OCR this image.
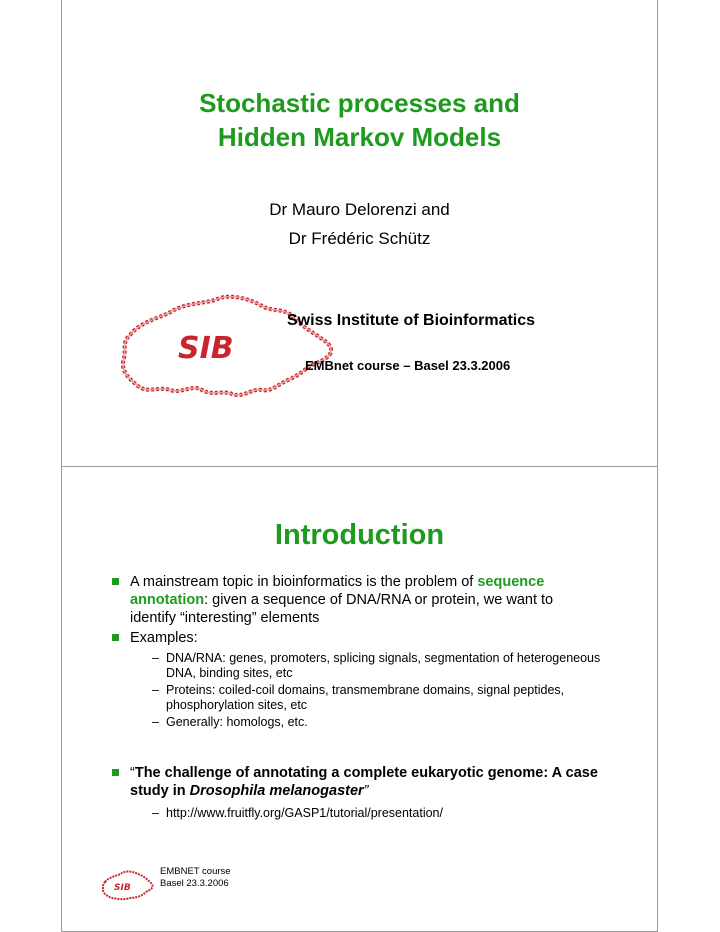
Stochastic processes and
Hidden Markov Models
Dr Mauro Delorenzi and
Dr Frédéric Schütz
SIB
Swiss Institute of Bioinformatics
EMBnet course – Basel 23.3.2006
Introduction
A mainstream topic in bioinformatics is the problem of sequence annotation: given a sequence of DNA/RNA or protein, we want to identify “interesting” elements
Examples:
– DNA/RNA: genes, promoters, splicing signals, segmentation of heterogeneous DNA, binding sites, etc
– Proteins: coiled-coil domains, transmembrane domains, signal peptides, phosphorylation sites, etc
– Generally: homologs, etc.
“The challenge of annotating a complete eukaryotic genome: A case study in Drosophila melanogaster”
– http://www.fruitfly.org/GASP1/tutorial/presentation/
SIB
EMBNET course
Basel 23.3.2006
